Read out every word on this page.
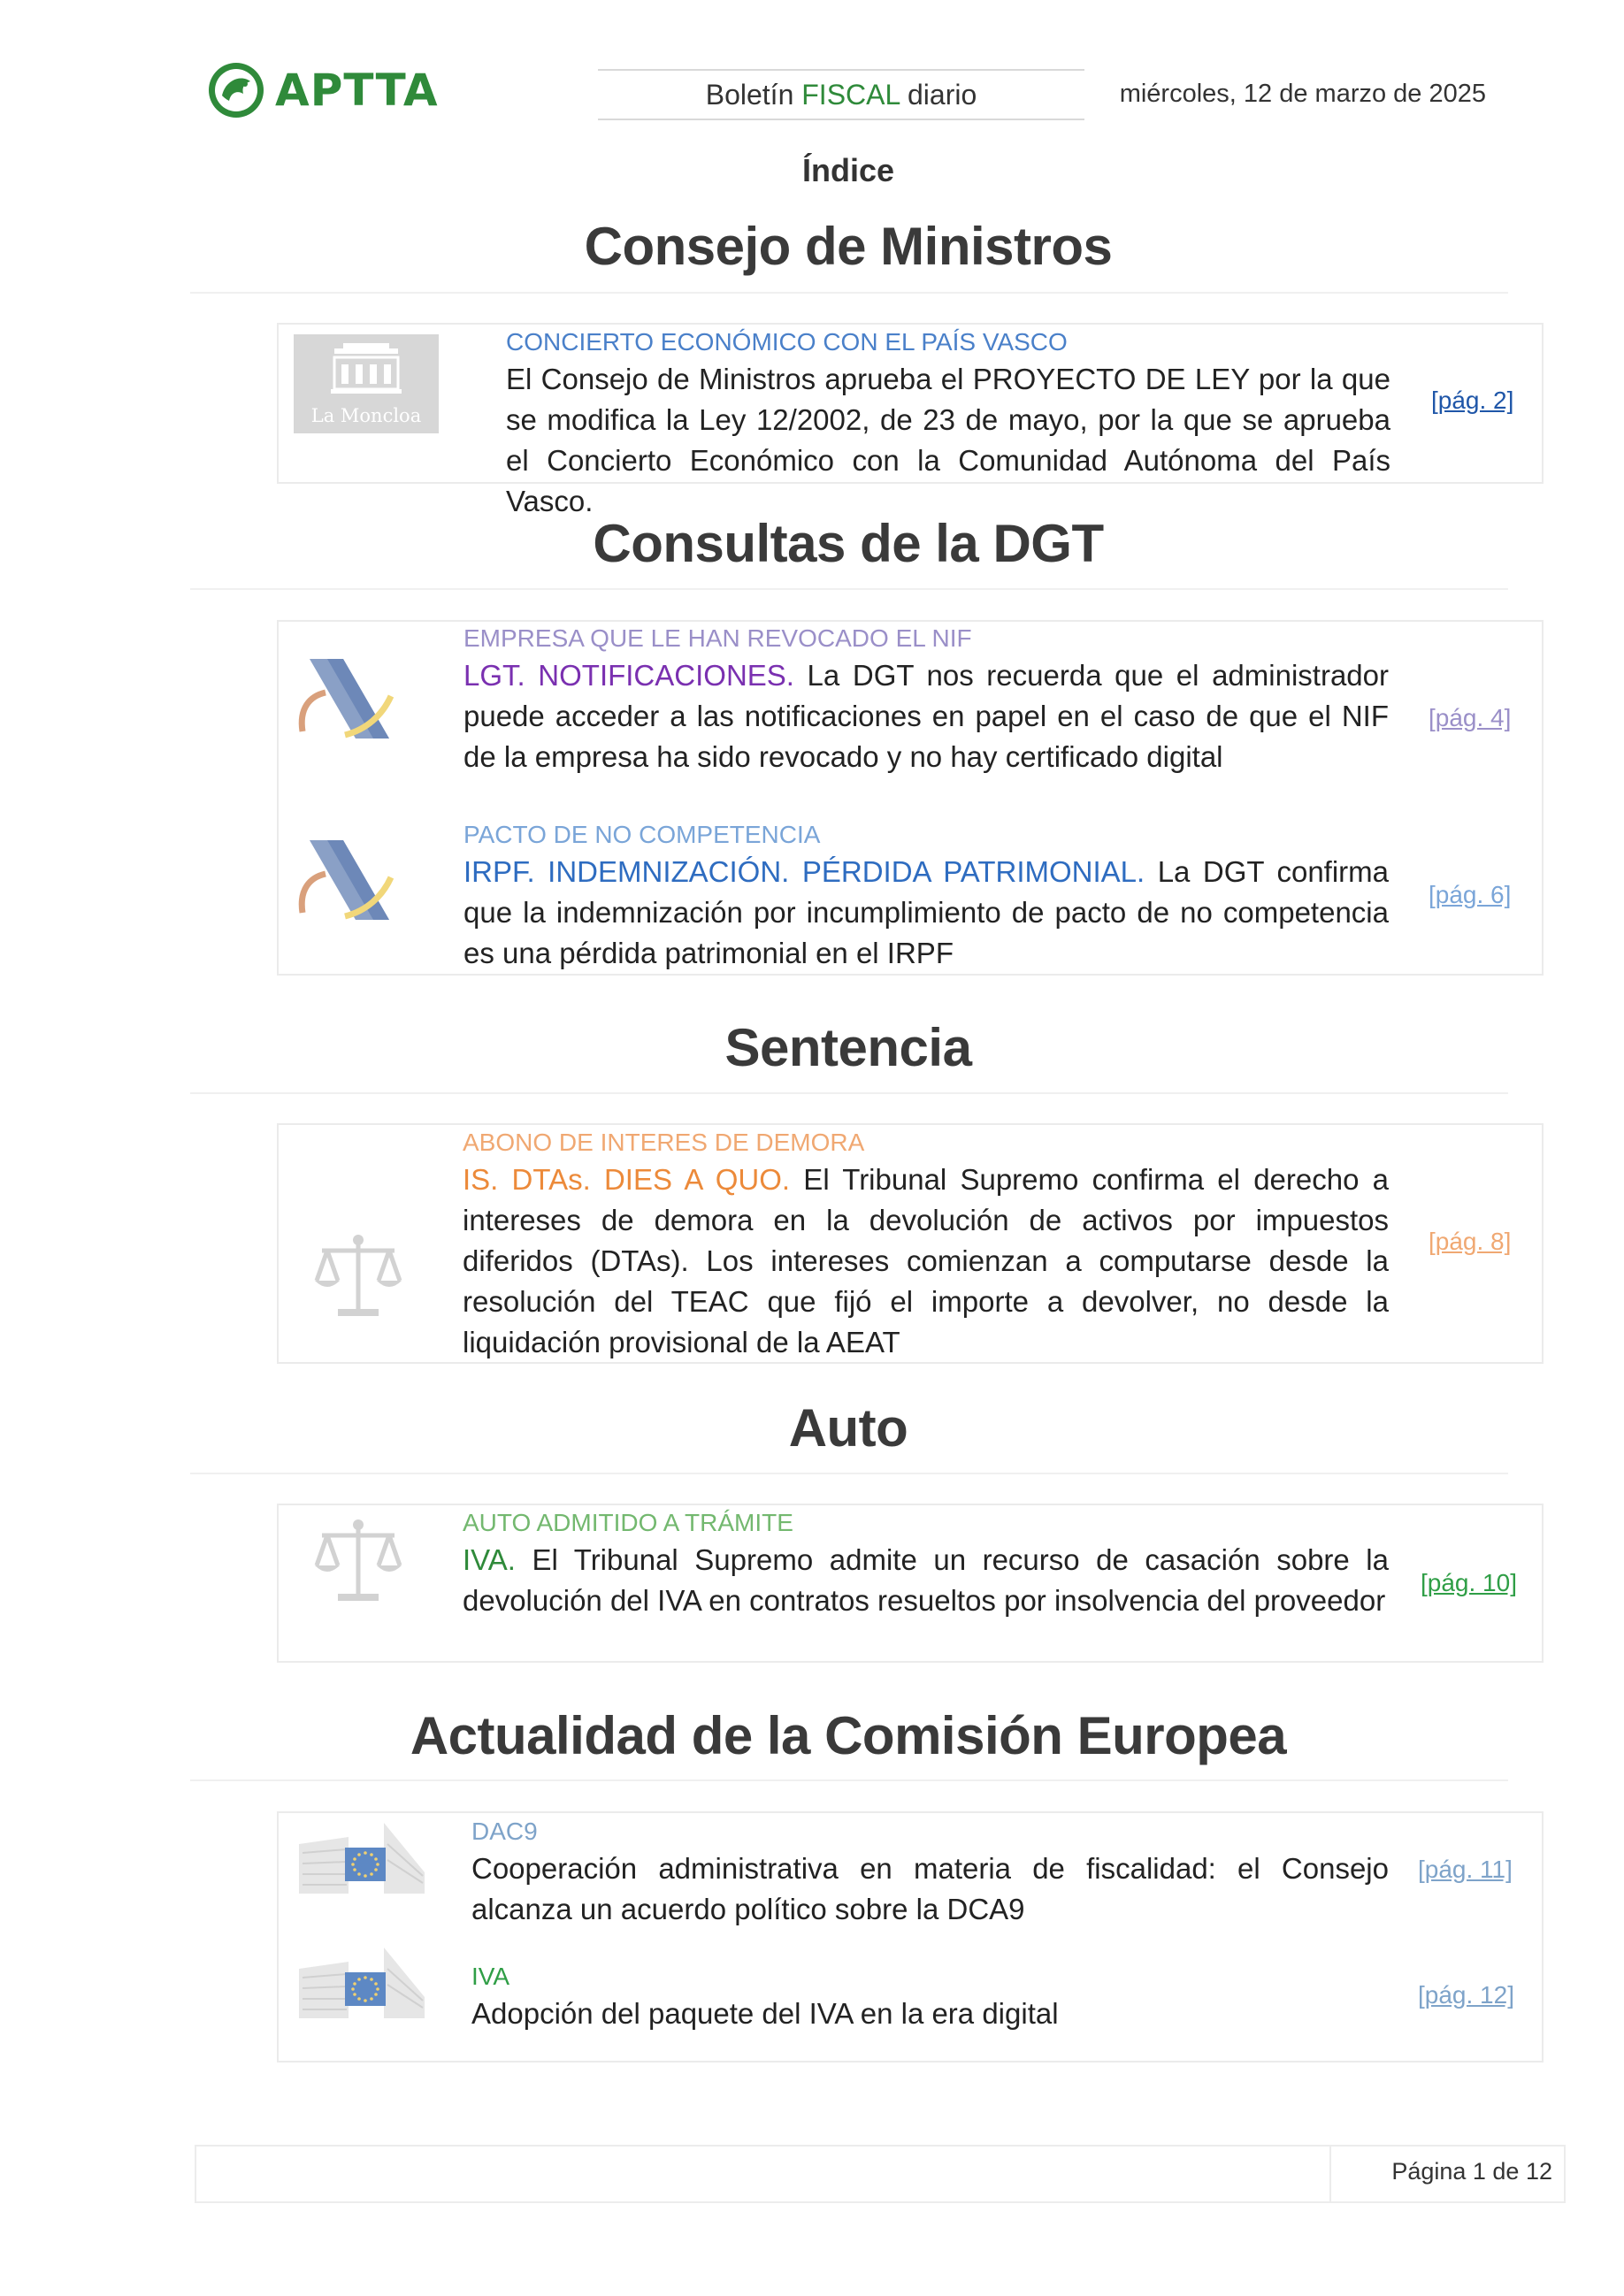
APTTA	Boletín FISCAL diario	miércoles, 12 de marzo de 2025
Índice
Consejo de Ministros
La Moncloa
CONCIERTO ECONÓMICO CON EL PAÍS VASCO
El Consejo de Ministros aprueba el PROYECTO DE LEY por la que se modifica la Ley 12/2002, de 23 de mayo, por la que se aprueba el Concierto Económico con la Comunidad Autónoma del País Vasco.
[pág. 2]
Consultas de la DGT
EMPRESA QUE LE HAN REVOCADO EL NIF
LGT. NOTIFICACIONES. La DGT nos recuerda que el administrador puede acceder a las notificaciones en papel en el caso de que el NIF de la empresa ha sido revocado y no hay certificado digital
[pág. 4]
PACTO DE NO COMPETENCIA
IRPF. INDEMNIZACIÓN. PÉRDIDA PATRIMONIAL. La DGT confirma que la indemnización por incumplimiento de pacto de no competencia es una pérdida patrimonial en el IRPF
[pág. 6]
Sentencia
ABONO DE INTERES DE DEMORA
IS. DTAs. DIES A QUO. El Tribunal Supremo confirma el derecho a intereses de demora en la devolución de activos por impuestos diferidos (DTAs). Los intereses comienzan a computarse desde la resolución del TEAC que fijó el importe a devolver, no desde la liquidación provisional de la AEAT
[pág. 8]
Auto
AUTO ADMITIDO A TRÁMITE
IVA. El Tribunal Supremo admite un recurso de casación sobre la devolución del IVA en contratos resueltos por insolvencia del proveedor
[pág. 10]
Actualidad de la Comisión Europea
DAC9
Cooperación administrativa en materia de fiscalidad: el Consejo alcanza un acuerdo político sobre la DCA9
[pág. 11]
IVA
Adopción del paquete del IVA en la era digital
[pág. 12]
Página 1 de 12
